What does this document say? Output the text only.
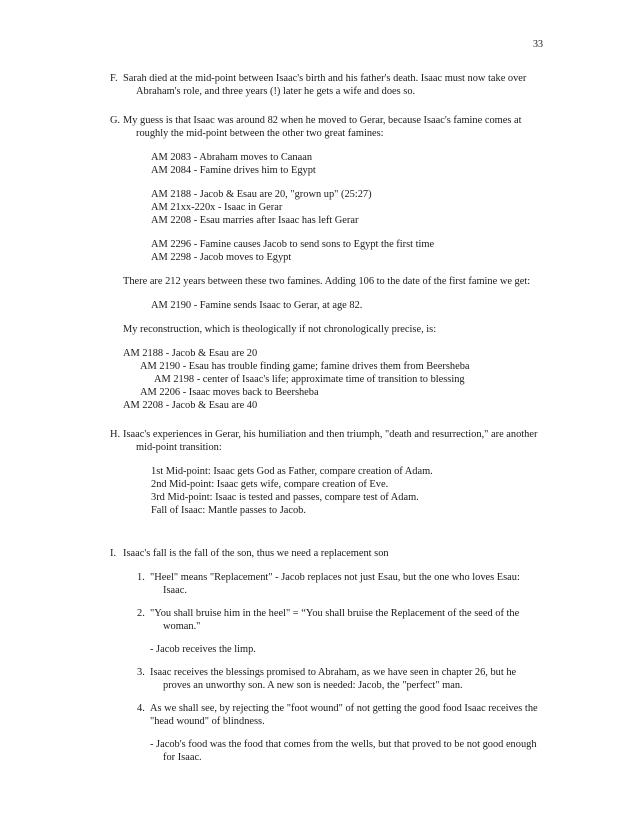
33
F. Sarah died at the mid-point between Isaac's birth and his father's death. Isaac must now take over
Abraham's role, and three years (!) later he gets a wife and does so.
G. My guess is that Isaac was around 82 when he moved to Gerar, because Isaac's famine comes at
roughly the mid-point between the other two great famines:
AM 2083 - Abraham moves to Canaan
AM 2084 - Famine drives him to Egypt
AM 2188 - Jacob & Esau are 20, "grown up" (25:27)
AM 21xx-220x - Isaac in Gerar
AM 2208 - Esau marries after Isaac has left Gerar
AM 2296 - Famine causes Jacob to send sons to Egypt the first time
AM 2298 - Jacob moves to Egypt
There are 212 years between these two famines. Adding 106 to the date of the first famine we get:
AM 2190 - Famine sends Isaac to Gerar, at age 82.
My reconstruction, which is theologically if not chronologically precise, is:
AM 2188 - Jacob & Esau are 20
AM 2190 - Esau has trouble finding game; famine drives them from Beersheba
AM 2198 - center of Isaac's life; approximate time of transition to blessing
AM 2206 - Isaac moves back to Beersheba
AM 2208 - Jacob & Esau are 40
H. Isaac's experiences in Gerar, his humiliation and then triumph, "death and resurrection," are another
mid-point transition:
1st Mid-point: Isaac gets God as Father, compare creation of Adam.
2nd Mid-point: Isaac gets wife, compare creation of Eve.
3rd Mid-point: Isaac is tested and passes, compare test of Adam.
Fall of Isaac: Mantle passes to Jacob.
I. Isaac's fall is the fall of the son, thus we need a replacement son
1. "Heel" means "Replacement" - Jacob replaces not just Esau, but the one who loves Esau:
Isaac.
2. "You shall bruise him in the heel" = “You shall bruise the Replacement of the seed of the
woman."
- Jacob receives the limp.
3. Isaac receives the blessings promised to Abraham, as we have seen in chapter 26, but he
proves an unworthy son. A new son is needed: Jacob, the "perfect" man.
4. As we shall see, by rejecting the "foot wound" of not getting the good food Isaac receives the
"head wound" of blindness.
- Jacob's food was the food that comes from the wells, but that proved to be not good enough
for Isaac.
